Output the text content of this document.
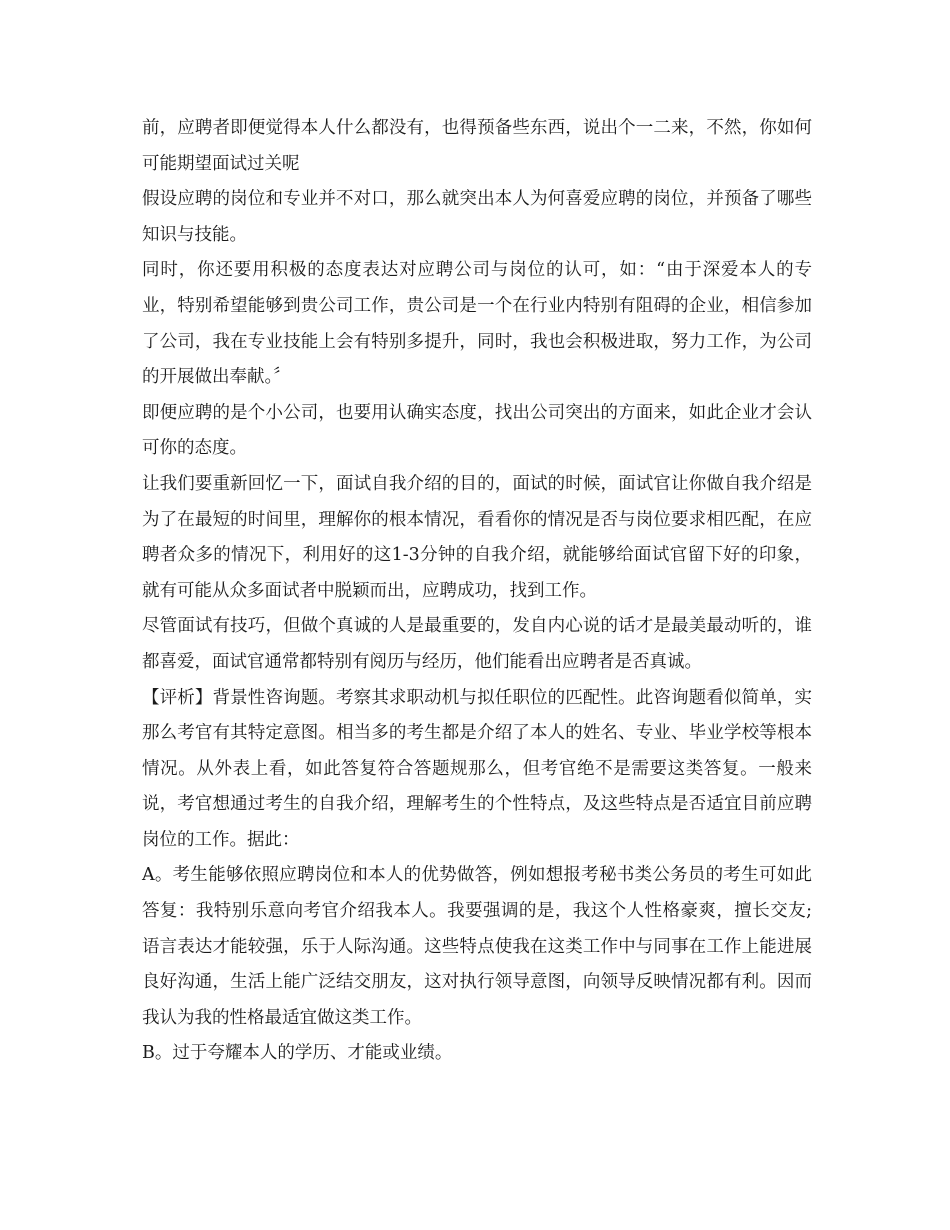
前，应聘者即便觉得本人什么都没有，也得预备些东西，说出个一二来，不然，你如何可能期望面试过关呢

假设应聘的岗位和专业并不对口，那么就突出本人为何喜爱应聘的岗位，并预备了哪些知识与技能。

同时，你还要用积极的态度表达对应聘公司与岗位的认可，如：“由于深爱本人的专业，特别希望能够到贵公司工作，贵公司是一个在行业内特别有阻碍的企业，相信参加了公司，我在专业技能上会有特别多提升，同时，我也会积极进取，努力工作，为公司的开展做出奉献。〞

即便应聘的是个小公司，也要用认确实态度，找出公司突出的方面来，如此企业才会认可你的态度。

让我们要重新回忆一下，面试自我介绍的目的，面试的时候，面试官让你做自我介绍是为了在最短的时间里，理解你的根本情况，看看你的情况是否与岗位要求相匹配，在应聘者众多的情况下，利用好的这1-3分钟的自我介绍，就能够给面试官留下好的印象，就有可能从众多面试者中脱颖而出，应聘成功，找到工作。

尽管面试有技巧，但做个真诚的人是最重要的，发自内心说的话才是最美最动听的，谁都喜爱，面试官通常都特别有阅历与经历，他们能看出应聘者是否真诚。

【评析】背景性咨询题。考察其求职动机与拟任职位的匹配性。此咨询题看似简单，实那么考官有其特定意图。相当多的考生都是介绍了本人的姓名、专业、毕业学校等根本情况。从外表上看，如此答复符合答题规那么，但考官绝不是需要这类答复。一般来说，考官想通过考生的自我介绍，理解考生的个性特点，及这些特点是否适宜目前应聘岗位的工作。据此：

A。考生能够依照应聘岗位和本人的优势做答，例如想报考秘书类公务员的考生可如此答复：我特别乐意向考官介绍我本人。我要强调的是，我这个人性格豪爽，擅长交友;语言表达才能较强，乐于人际沟通。这些特点使我在这类工作中与同事在工作上能进展良好沟通，生活上能广泛结交朋友，这对执行领导意图，向领导反映情况都有利。因而我认为我的性格最适宜做这类工作。

B。过于夸耀本人的学历、才能或业绩。
